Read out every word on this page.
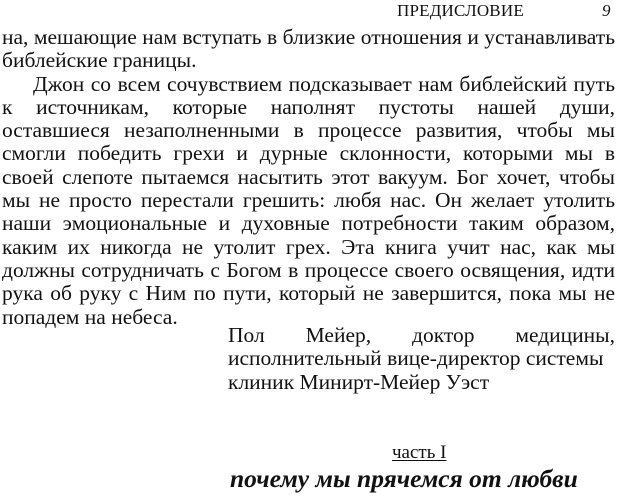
ПРЕДИСЛОВИЕ	9

на, мешающие нам вступать в близкие отношения и устанавливать библейские границы.

Джон со всем сочувствием подсказывает нам библейский путь к источникам, которые наполнят пустоты нашей души, оставшиеся незаполненными в процессе развития, чтобы мы смогли победить грехи и дурные склонности, которыми мы в своей слепоте пытаемся насытить этот вакуум. Бог хочет, чтобы мы не просто перестали грешить: любя нас. Он желает утолить наши эмоциональные и духовные потребности таким образом, каким их никогда не утолит грех. Эта книга учит нас, как мы должны сотрудничать с Богом в процессе своего освящения, идти рука об руку с Ним по пути, который не завершится, пока мы не попадем на небеса.

Пол Мейер, доктор медицины,
исполнительный вице-директор системы
клиник Минирт-Мейер Уэст
часть I
почему мы прячемся от любви
